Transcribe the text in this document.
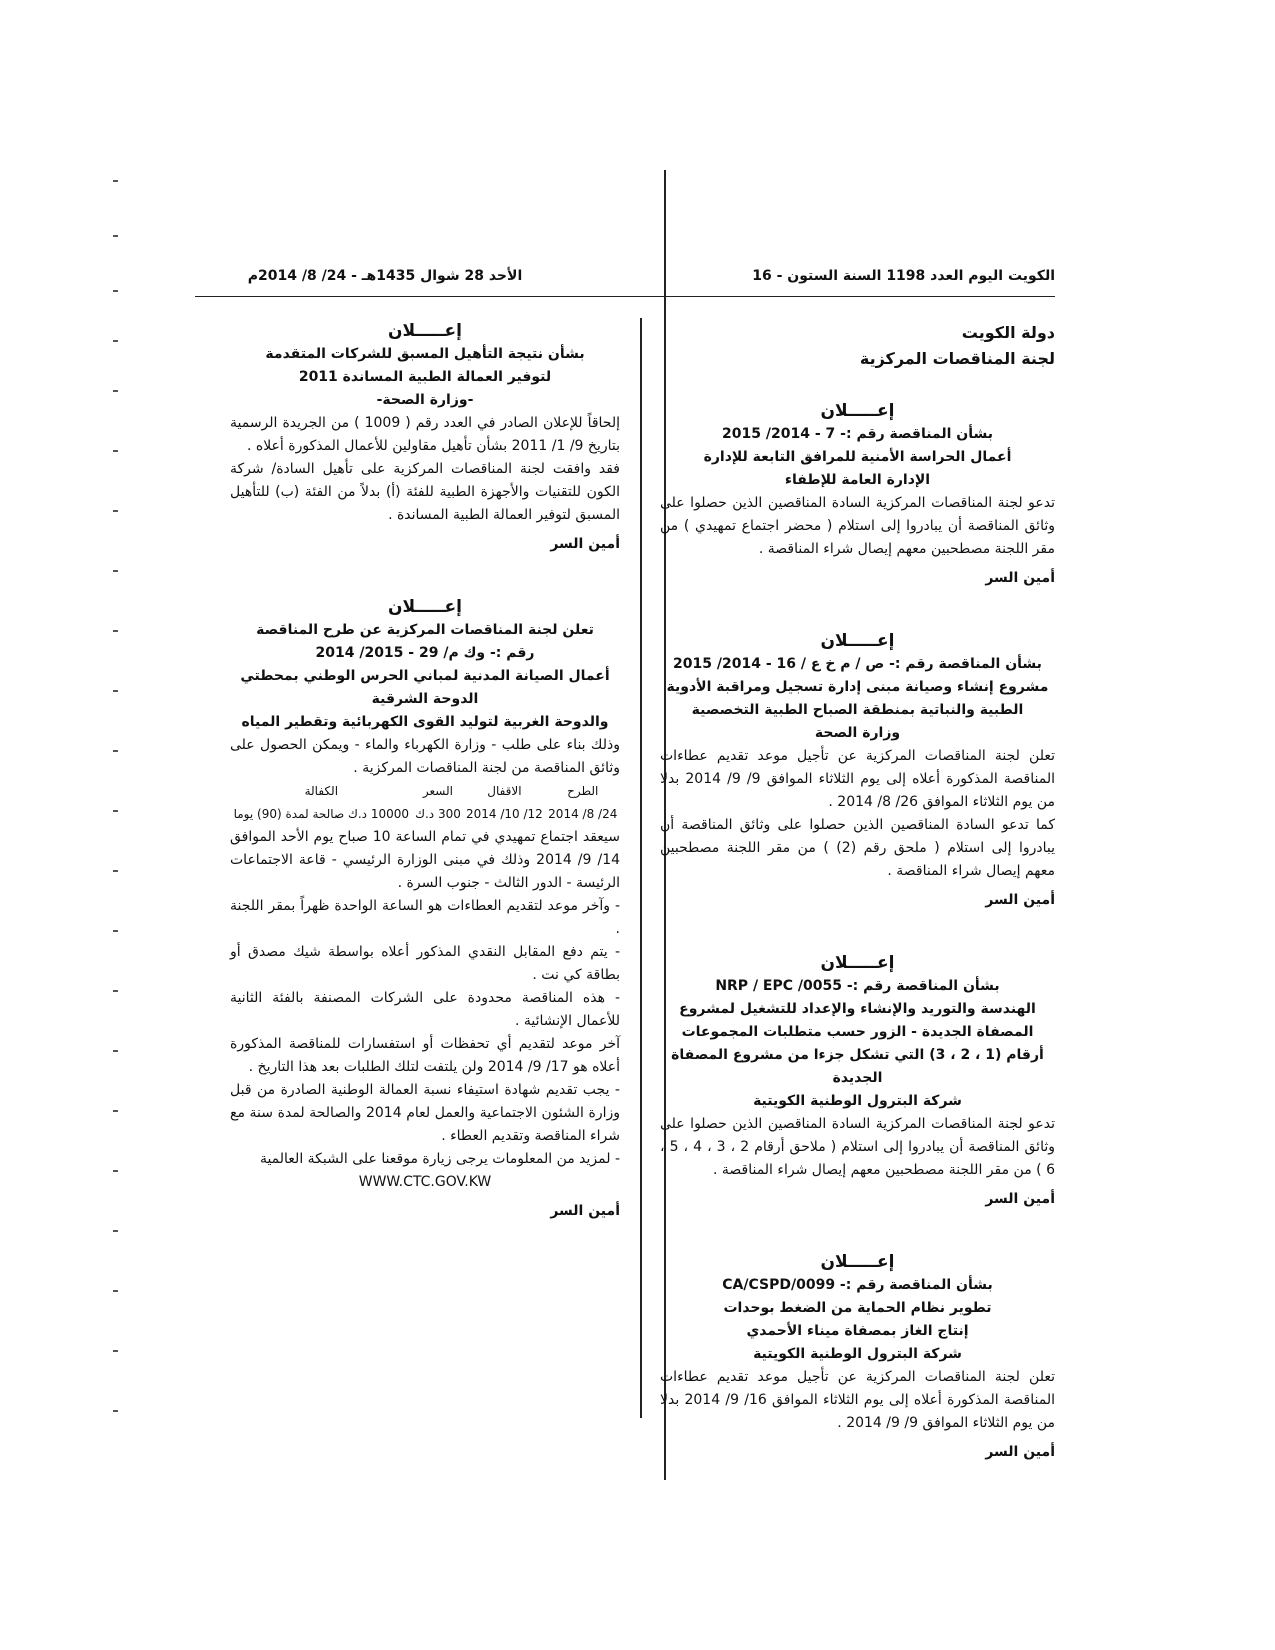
الكويت اليوم العدد 1198 السنة الستون - 16
الأحد 28 شوال 1435هـ - 24/ 8/ 2014م
دولة الكويت
لجنة المناقصات المركزية
إعـــــلان
بشأن المناقصة رقم :- 7 - 2014/ 2015
أعمال الحراسة الأمنية للمرافق التابعة للإدارة
الإدارة العامة للإطفاء

تدعو لجنة المناقصات المركزية السادة المناقصين الذين حصلوا على وثائق المناقصة أن يبادروا إلى استلام ( محضر اجتماع تمهيدي ) من مقر اللجنة مصطحبين معهم إيصال شراء المناقصة .

أمين السر
إعـــــلان
بشأن المناقصة رقم :- ص / م خ ع / 16 - 2014/ 2015
مشروع إنشاء وصيانة مبنى إدارة تسجيل ومراقبة الأدوية
الطبية والنباتية بمنطقة الصباح الطبية التخصصية
وزارة الصحة

تعلن لجنة المناقصات المركزية عن تأجيل موعد تقديم عطاءات المناقصة المذكورة أعلاه إلى يوم الثلاثاء الموافق 9/ 9/ 2014 بدلا من يوم الثلاثاء الموافق 26/ 8/ 2014 .

كما تدعو السادة المناقصين الذين حصلوا على وثائق المناقصة أن يبادروا إلى استلام ( ملحق رقم (2) ) من مقر اللجنة مصطحبين معهم إيصال شراء المناقصة .

أمين السر
إعـــــلان
بشأن المناقصة رقم :- 0055/ NRP / EPC
الهندسة والتوريد والإنشاء والإعداد للتشغيل لمشروع
المصفاة الجديدة - الزور حسب متطلبات المجموعات
أرقام (1 ، 2 ، 3) التي تشكل جزءا من مشروع المصفاة الجديدة
شركة البترول الوطنية الكويتية

تدعو لجنة المناقصات المركزية السادة المناقصين الذين حصلوا على وثائق المناقصة أن يبادروا إلى استلام ( ملاحق أرقام 2 ، 3 ، 4 ، 5 ، 6 ) من مقر اللجنة مصطحبين معهم إيصال شراء المناقصة .

أمين السر
إعـــــلان
بشأن المناقصة رقم :- 0099/CA/CSPD
تطوير نظام الحماية من الضغط بوحدات
إنتاج الغاز بمصفاة ميناء الأحمدي
شركة البترول الوطنية الكويتية

تعلن لجنة المناقصات المركزية عن تأجيل موعد تقديم عطاءات المناقصة المذكورة أعلاه إلى يوم الثلاثاء الموافق 16/ 9/ 2014 بدلا من يوم الثلاثاء الموافق 9/ 9/ 2014 .

أمين السر
إعـــــلان
بشأن نتيجة التأهيل المسبق للشركات المتقدمة
لتوفير العمالة الطبية المساندة 2011
-وزارة الصحة-

إلحاقاً للإعلان الصادر في العدد رقم ( 1009 ) من الجريدة الرسمية بتاريخ 9/ 1/ 2011 بشأن تأهيل مقاولين للأعمال المذكورة أعلاه .

فقد وافقت لجنة المناقصات المركزية على تأهيل السادة/ شركة الكون للتقنيات والأجهزة الطبية للفئة (أ) بدلاً من الفئة (ب) للتأهيل المسبق لتوفير العمالة الطبية المساندة .

أمين السر
إعـــــلان
تعلن لجنة المناقصات المركزية عن طرح المناقصة
رقم :- وك م/ 29 - 2015/ 2014
أعمال الصيانة المدنية لمباني الحرس الوطني بمحطتي الدوحة الشرقية
والدوحة الغربية لتوليد القوى الكهربائية وتقطير المياه

وذلك بناء على طلب - وزارة الكهرباء والماء - ويمكن الحصول على وثائق المناقصة من لجنة المناقصات المركزية .

الطرح	الاقفال	السعر	الكفالة
24/ 8/ 2014	12/ 10/ 2014	300 د.ك	10000 د.ك صالحة لمدة (90) يوما

سيعقد اجتماع تمهيدي في تمام الساعة 10 صباح يوم الأحد الموافق 14/ 9/ 2014 وذلك في مبنى الوزارة الرئيسي - قاعة الاجتماعات الرئيسة - الدور الثالث - جنوب السرة .

- وآخر موعد لتقديم العطاءات هو الساعة الواحدة ظهراً بمقر اللجنة .

- يتم دفع المقابل النقدي المذكور أعلاه بواسطة شيك مصدق أو بطاقة كي نت .

- هذه المناقصة محدودة على الشركات المصنفة بالفئة الثانية للأعمال الإنشائية .

آخر موعد لتقديم أي تحفظات أو استفسارات للمناقصة المذكورة أعلاه هو 17/ 9/ 2014 ولن يلتفت لتلك الطلبات بعد هذا التاريخ .

- يجب تقديم شهادة استيفاء نسبة العمالة الوطنية الصادرة من قبل وزارة الشئون الاجتماعية والعمل لعام 2014 والصالحة لمدة سنة مع شراء المناقصة وتقديم العطاء .

- لمزيد من المعلومات يرجى زيارة موقعنا على الشبكة العالمية

WWW.CTC.GOV.KW

أمين السر
